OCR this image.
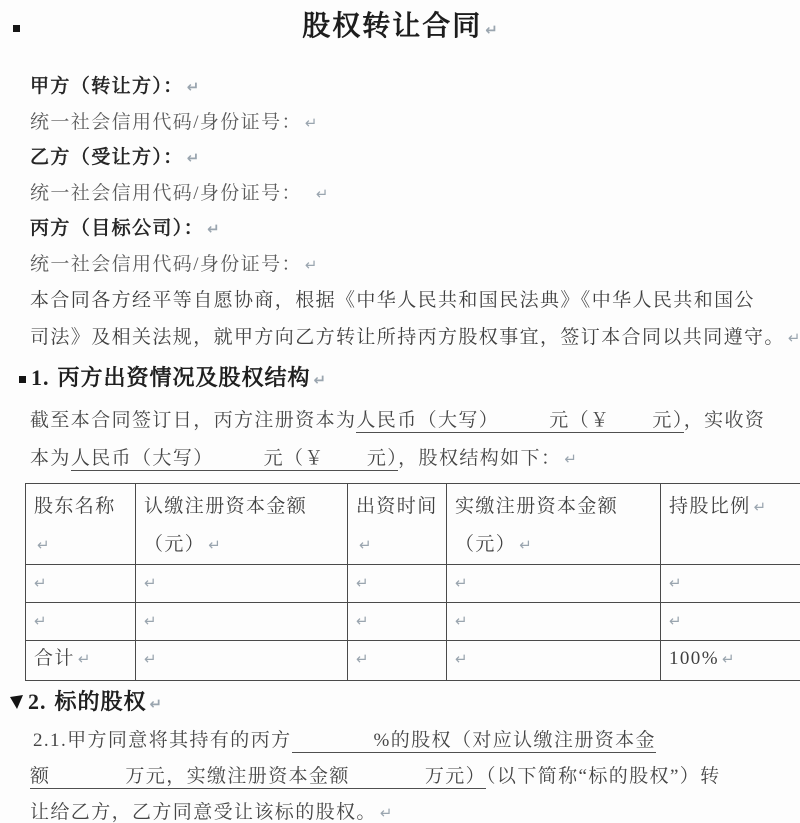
股权转让合同 ↵
甲方（转让方）： ↵
统一社会信用代码/身份证号： ↵
乙方（受让方）： ↵
统一社会信用代码/身份证号： ↵
丙方（目标公司）： ↵
统一社会信用代码/身份证号： ↵
本合同各方经平等自愿协商，根据《中华人民共和国民法典》《中华人民共和国公
司法》及相关法规，就甲方向乙方转让所持丙方股权事宜，签订本合同以共同遵守。 ↵
1. 丙方出资情况及股权结构 ↵
截至本合同签订日，丙方注册资本为人民币（大写）	元（￥ 元），实收资
本为人民币（大写）	元（￥ 元），股权结构如下： ↵
股东名称↵	认缴注册资本金额（元） ↵	出资时间↵	实缴注册资本金额（元） ↵	持股比例 ↵
↵	↵	↵	↵	↵
↵	↵	↵	↵	↵
合计 ↵	↵	↵	↵	100% ↵
2. 标的股权 ↵
2.1.甲方同意将其持有的丙方	%的股权（对应认缴注册资本金
额	万元，实缴注册资本金额	万元）（以下简称“标的股权”）转
让给乙方，乙方同意受让该标的股权。 ↵
